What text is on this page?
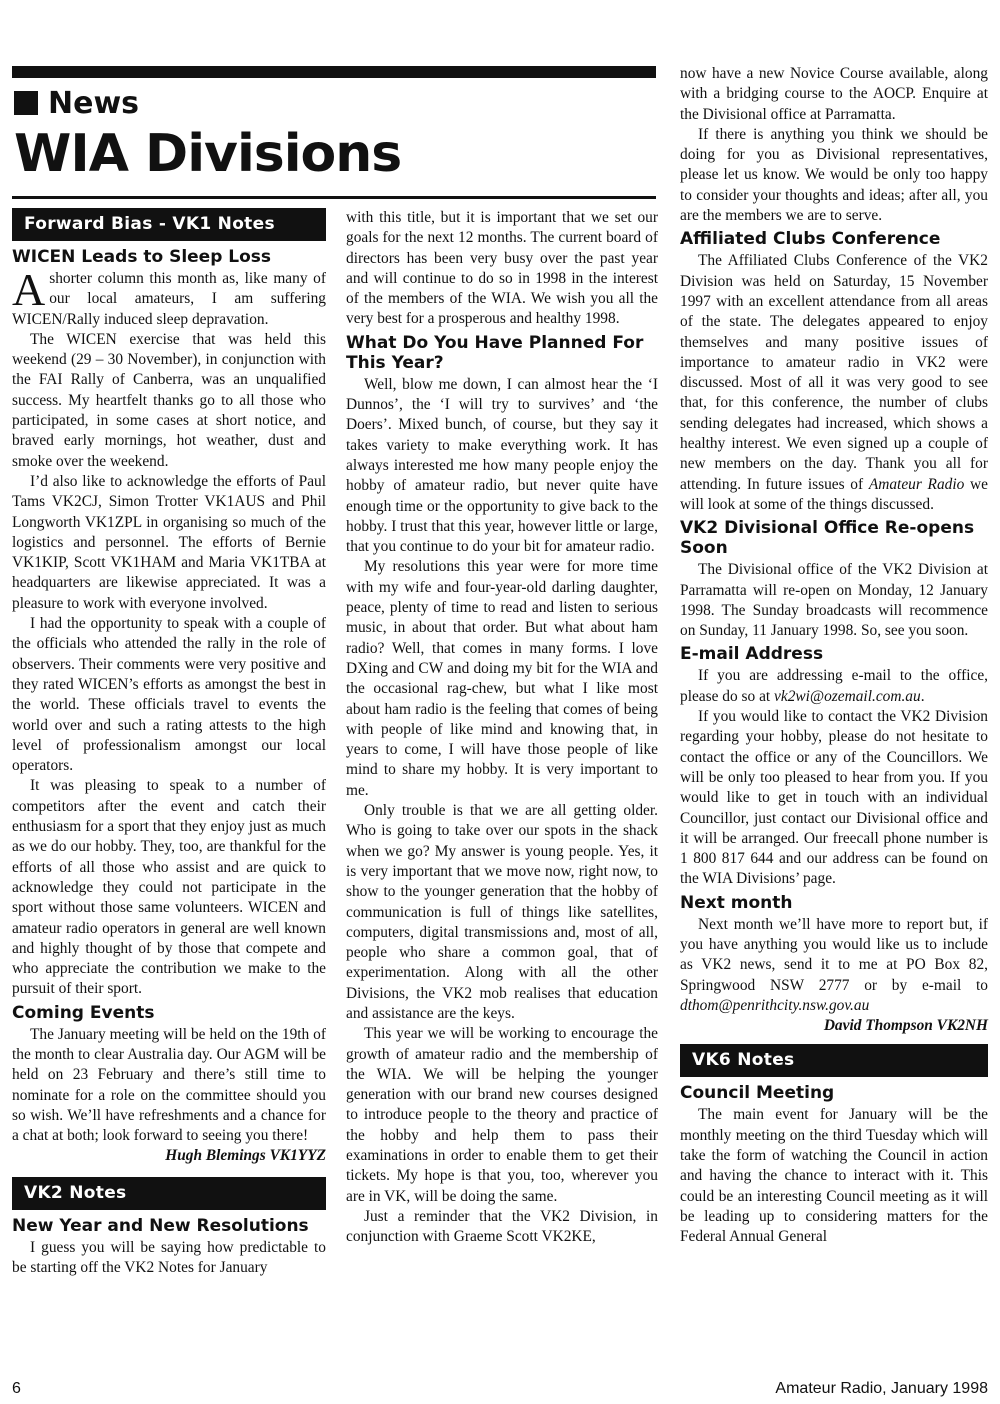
News
WIA Divisions
Forward Bias - VK1 Notes
WICEN Leads to Sleep Loss

A shorter column this month as, like many of our local amateurs, I am suffering WICEN/Rally induced sleep depravation.

The WICEN exercise that was held this weekend (29 – 30 November), in conjunction with the FAI Rally of Canberra, was an unqualified success. My heartfelt thanks go to all those who participated, in some cases at short notice, and braved early mornings, hot weather, dust and smoke over the weekend.

I’d also like to acknowledge the efforts of Paul Tams VK2CJ, Simon Trotter VK1AUS and Phil Longworth VK1ZPL in organising so much of the logistics and personnel. The efforts of Bernie VK1KIP, Scott VK1HAM and Maria VK1TBA at headquarters are likewise appreciated. It was a pleasure to work with everyone involved.

I had the opportunity to speak with a couple of the officials who attended the rally in the role of observers. Their comments were very positive and they rated WICEN’s efforts as amongst the best in the world. These officials travel to events the world over and such a rating attests to the high level of professionalism amongst our local operators.

It was pleasing to speak to a number of competitors after the event and catch their enthusiasm for a sport that they enjoy just as much as we do our hobby. They, too, are thankful for the efforts of all those who assist and are quick to acknowledge they could not participate in the sport without those same volunteers. WICEN and amateur radio operators in general are well known and highly thought of by those that compete and who appreciate the contribution we make to the pursuit of their sport.

Coming Events

The January meeting will be held on the 19th of the month to clear Australia day. Our AGM will be held on 23 February and there’s still time to nominate for a role on the committee should you so wish. We’ll have refreshments and a chance for a chat at both; look forward to seeing you there!

Hugh Blemings VK1YYZ
VK2 Notes
New Year and New Resolutions

I guess you will be saying how predictable to be starting off the VK2 Notes for January

with this title, but it is important that we set our goals for the next 12 months. The current board of directors has been very busy over the past year and will continue to do so in 1998 in the interest of the members of the WIA. We wish you all the very best for a prosperous and healthy 1998.

What Do You Have Planned For This Year?

Well, blow me down, I can almost hear the ‘I Dunnos’, the ‘I will try to survives’ and ‘the Doers’. Mixed bunch, of course, but they say it takes variety to make everything work. It has always interested me how many people enjoy the hobby of amateur radio, but never quite have enough time or the opportunity to give back to the hobby. I trust that this year, however little or large, that you continue to do your bit for amateur radio.

My resolutions this year were for more time with my wife and four-year-old darling daughter, peace, plenty of time to read and listen to serious music, in about that order. But what about ham radio? Well, that comes in many forms. I love DXing and CW and doing my bit for the WIA and the occasional rag-chew, but what I like most about ham radio is the feeling that comes of being with people of like mind and knowing that, in years to come, I will have those people of like mind to share my hobby. It is very important to me.

Only trouble is that we are all getting older. Who is going to take over our spots in the shack when we go? My answer is young people. Yes, it is very important that we move now, right now, to show to the younger generation that the hobby of communication is full of things like satellites, computers, digital transmissions and, most of all, people who share a common goal, that of experimentation. Along with all the other Divisions, the VK2 mob realises that education and assistance are the keys.

This year we will be working to encourage the growth of amateur radio and the membership of the WIA. We will be helping the younger generation with our brand new courses designed to introduce people to the theory and practice of the hobby and help them to pass their examinations in order to enable them to get their tickets. My hope is that you, too, wherever you are in VK, will be doing the same.

Just a reminder that the VK2 Division, in conjunction with Graeme Scott VK2KE,

now have a new Novice Course available, along with a bridging course to the AOCP. Enquire at the Divisional office at Parramatta.

If there is anything you think we should be doing for you as Divisional representatives, please let us know. We would be only too happy to consider your thoughts and ideas; after all, you are the members we are to serve.

Affiliated Clubs Conference

The Affiliated Clubs Conference of the VK2 Division was held on Saturday, 15 November 1997 with an excellent attendance from all areas of the state. The delegates appeared to enjoy themselves and many positive issues of importance to amateur radio in VK2 were discussed. Most of all it was very good to see that, for this conference, the number of clubs sending delegates had increased, which shows a healthy interest. We even signed up a couple of new members on the day. Thank you all for attending. In future issues of Amateur Radio we will look at some of the things discussed.

VK2 Divisional Office Re-opens Soon

The Divisional office of the VK2 Division at Parramatta will re-open on Monday, 12 January 1998. The Sunday broadcasts will recommence on Sunday, 11 January 1998. So, see you soon.

E-mail Address

If you are addressing e-mail to the office, please do so at vk2wi@ozemail.com.au.

If you would like to contact the VK2 Division regarding your hobby, please do not hesitate to contact the office or any of the Councillors. We will be only too pleased to hear from you. If you would like to get in touch with an individual Councillor, just contact our Divisional office and it will be arranged. Our freecall phone number is 1 800 817 644 and our address can be found on the WIA Divisions’ page.

Next month

Next month we’ll have more to report but, if you have anything you would like us to include as VK2 news, send it to me at PO Box 82, Springwood NSW 2777 or by e-mail to dthom@penrithcity.nsw.gov.au

David Thompson VK2NH
VK6 Notes
Council Meeting

The main event for January will be the monthly meeting on the third Tuesday which will take the form of watching the Council in action and having the chance to interact with it. This could be an interesting Council meeting as it will be leading up to considering matters for the Federal Annual General

6	Amateur Radio, January 1998
